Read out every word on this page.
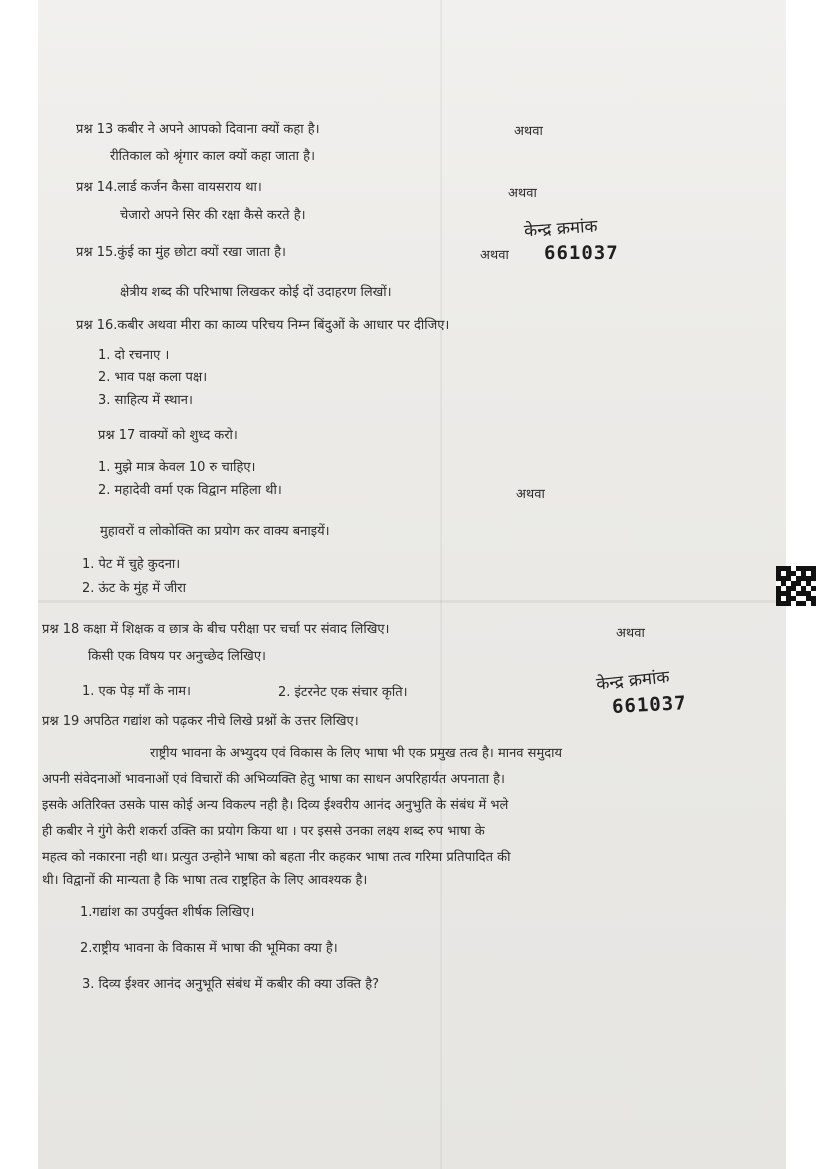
प्रश्न 13 कबीर ने अपने आपको दिवाना क्यों कहा है।	अथवा
रीतिकाल को श्रृंगार काल क्यों कहा जाता है।
प्रश्न 14.लार्ड कर्जन कैसा वायसराय था।	अथवा
चेजारो अपने सिर की रक्षा कैसे करते है।
केन्द्र क्रमांक
661037
प्रश्न 15.कुंई का मुंह छोटा क्यों रखा जाता है।	अथवा
क्षेत्रीय शब्द की परिभाषा लिखकर कोई दों उदाहरण लिखों।
प्रश्न 16.कबीर अथवा मीरा का काव्य परिचय निम्न बिंदुओं के आधार पर दीजिए।
1. दो रचनाए ।
2. भाव पक्ष कला पक्ष।
3. साहित्य में स्थान।
प्रश्न 17 वाक्यों को शुध्द करो।
1. मुझे मात्र केवल 10 रु चाहिए।
2. महादेवी वर्मा एक विद्वान महिला थी।	अथवा
मुहावरों व लोकोक्ति का प्रयोग कर वाक्य बनाइयें।
1. पेट में चुहे कुदना।
2. ऊंट के मुंह में जीरा
प्रश्न 18 कक्षा में शिक्षक व छात्र के बीच परीक्षा पर चर्चा पर संवाद लिखिए।	अथवा
किसी एक विषय पर अनुच्छेद लिखिए।
1. एक पेड़ माँ के नाम।	2. इंटरनेट एक संचार कृति।	केन्द्र क्रमांक
661037
प्रश्न 19 अपठित गद्यांश को पढ़कर नीचे लिखे प्रश्नों के उत्तर लिखिए।
राष्ट्रीय भावना के अभ्युदय एवं विकास के लिए भाषा भी एक प्रमुख तत्व है। मानव समुदाय
अपनी संवेदनाओं भावनाओं एवं विचारों की अभिव्यक्ति हेतु भाषा का साधन अपरिहार्यत अपनाता है।
इसके अतिरिक्त उसके पास कोई अन्य विकल्प नही है। दिव्य ईश्वरीय आनंद अनुभुति के संबंध में भले
ही कबीर ने गुंगे केरी शकर्रा उक्ति का प्रयोग किया था । पर इससे उनका लक्ष्य शब्द रुप भाषा के
महत्व को नकारना नही था। प्रत्युत उन्होने भाषा को बहता नीर कहकर भाषा तत्व गरिमा प्रतिपादित की
थी। विद्वानों की मान्यता है कि भाषा तत्व राष्ट्रहित के लिए आवश्यक है।
1.गद्यांश का उपर्युक्त शीर्षक लिखिए।
2.राष्ट्रीय भावना के विकास में भाषा की भूमिका क्या है।
3. दिव्य ईश्वर आनंद अनुभूति संबंध में कबीर की क्या उक्ति है?
